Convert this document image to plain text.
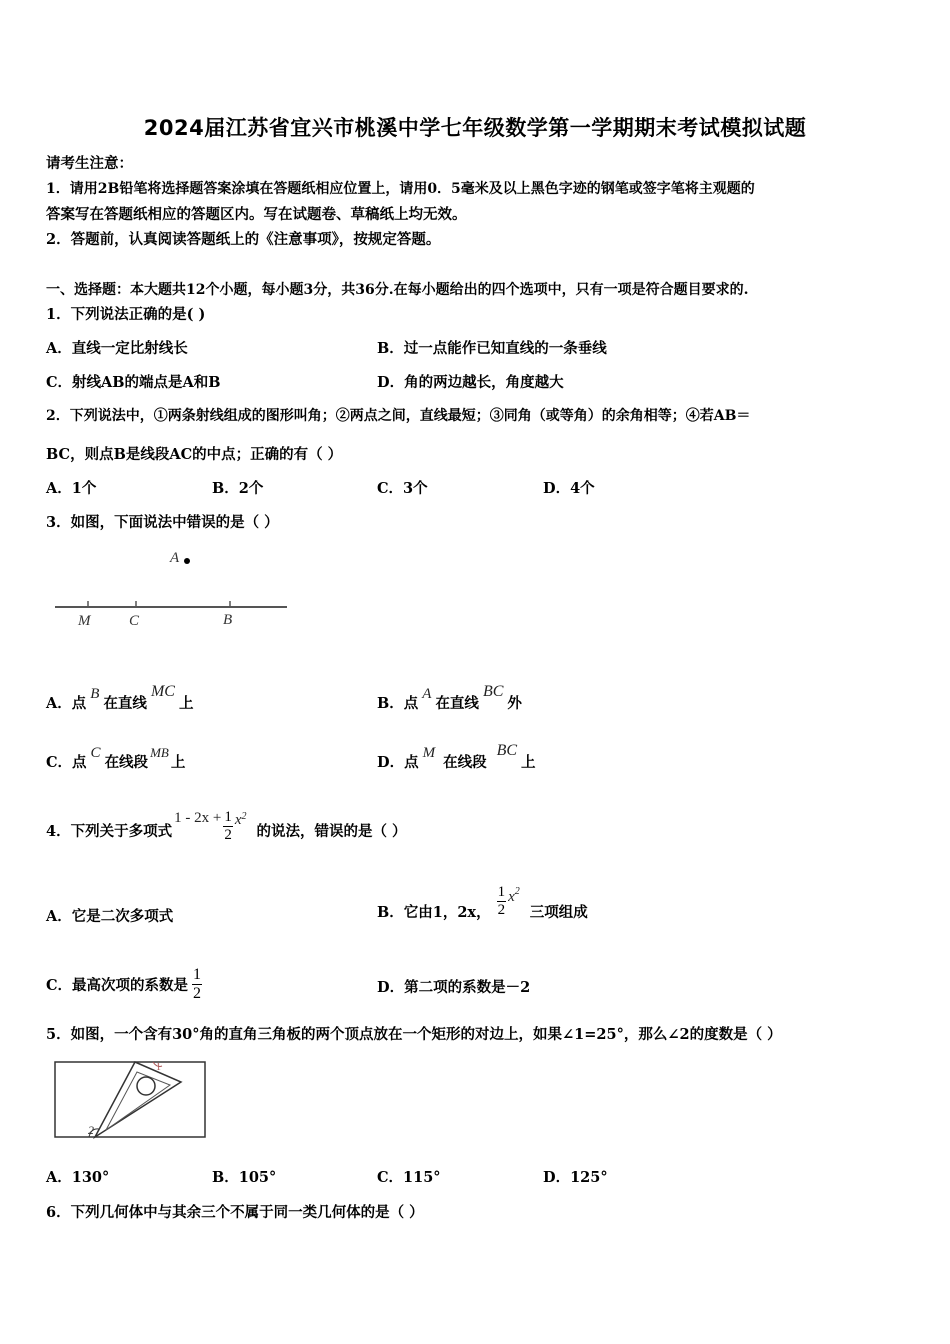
2024届江苏省宜兴市桃溪中学七年级数学第一学期期末考试模拟试题
请考生注意：
1．请用2B铅笔将选择题答案涂填在答题纸相应位置上，请用0．5毫米及以上黑色字迹的钢笔或签字笔将主观题的
答案写在答题纸相应的答题区内。写在试题卷、草稿纸上均无效。
2．答题前，认真阅读答题纸上的《注意事项》，按规定答题。
一、选择题：本大题共12个小题，每小题3分，共36分.在每小题给出的四个选项中，只有一项是符合题目要求的.
1．下列说法正确的是( )
A．直线一定比射线长	B．过一点能作已知直线的一条垂线
C．射线AB的端点是A和B	D．角的两边越长，角度越大
2．下列说法中，①两条射线组成的图形叫角；②两点之间，直线最短；③同角（或等角）的余角相等；④若AB＝
BC，则点B是线段AC的中点；正确的有（ ）
A．1个	B．2个	C．3个	D．4个
3．如图，下面说法中错误的是（ ）
A
M	C	B
A．点B在直线MC上	B．点A在直线BC外
C．点C在线段MB上	D．点M在线段BC上
4．下列关于多项式
$1 - 2x + \frac{1}{2} x^2$
的说法，错误的是（ ）
A．它是二次多项式	B．它由1，2x， $\frac{1}{2} x^2$
三项组成
C．最高次项的系数是 $\frac{1}{2}$	D．第二项的系数是－2
5．如图，一个含有30°角的直角三角板的两个顶点放在一个矩形的对边上，如果∠1=25°，那么∠2的度数是（ ）
1
2
A．130°	B．105°	C．115°	D．125°
6．下列几何体中与其余三个不属于同一类几何体的是（ ）
